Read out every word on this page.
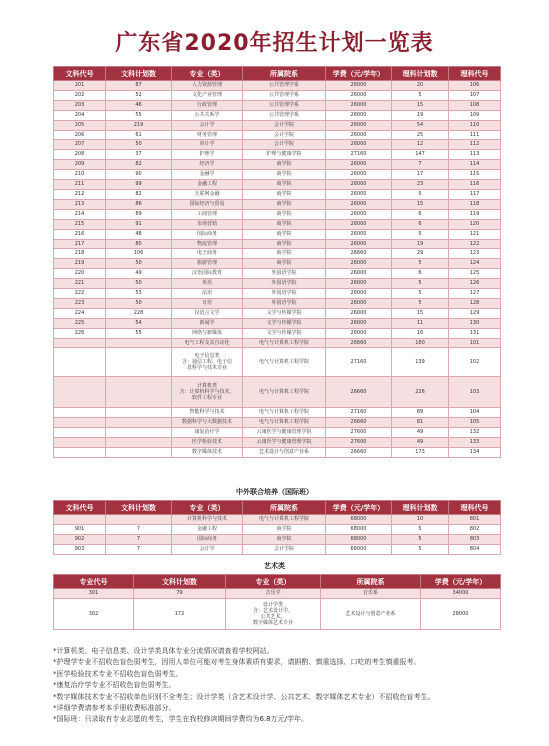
广东省2020年招生计划一览表
文科代号	文科计划数	专业（类）	所属院系	学费（元/学年）	理科计划数	理科代号
201	87	人力资源管理	公共管理学系	26000	20	106
202	52	文化产业管理	公共管理学系	26000	5	107
203	46	行政管理	公共管理学系	26000	15	108
204	55	公共关系学	公共管理学系	26000	19	109
205	219	会计学	会计学院	26000	54	110
206	61	财务管理	会计学院	26000	25	111
207	50	审计学	会计学院	26000	12	112
208	37	护理学	护理与健康学院	27160	147	113
209	82	经济学	商学院	26000	7	114
210	90	金融学	商学院	26000	17	115
211	99	金融工程	商学院	26000	23	116
212	82	互联网金融	商学院	26000	5	117
213	86	国际经济与贸易	商学院	26000	15	118
214	89	工商管理	商学院	26000	6	119
215	91	市场营销	商学院	26000	6	120
216	48	国际商务	商学院	26000	5	121
217	80	物流管理	商学院	26000	19	122
218	106	电子商务	商学院	26660	29	123
219	50	旅游管理	商学院	26000	5	124
220	49	汉语国际教育	外国语学院	26000	6	125
221	50	英语	外国语学院	26000	5	126
222	53	法语	外国语学院	26000	5	127
223	50	日语	外国语学院	26000	5	128
224	228	汉语言文学	文学与传媒学院	26000	15	129
225	54	新闻学	文学与传媒学院	26000	11	130
226	55	网络与新媒体	文学与传媒学院	26000	16	131
		电气工程及其自动化	电气与计算机工程学院	26660	180	101
		电子信息类
含：通信工程、电子信
息科学与技术专业	电气与计算机工程学院	27160	139	102
		计算机类
含：计算机科学与技术、
软件工程专业	电气与计算机工程学院	26660	226	103
		智能科学与技术	电气与计算机工程学院	27160	89	104
		数据科学与大数据技术	电气与计算机工程学院	26660	81	105
		康复治疗学	云康医学与健康管理学院	27600	49	132
		医学检验技术	云康医学与健康管理学院	27600	49	133
		数字媒体技术	艺术设计与创意产业系	26660	173	134
中外联合培养（国际班）
文科代号	文科计划数	专业（类）	所属院系	学费（元/学年）	理科计划数	理科代号
		计算机科学与技术	电气与计算机工程学院	68000	10	801
901	7	金融工程	商学院	68000	5	802
902	7	国际商务	商学院	68000	5	803
903	7	会计学	会计学院	68000	5	804
艺术类
专业代号	文科计划数	专业（类）	所属院系	学费（元/学年）
301	79	音乐学	音乐系	34000
302	172	设计学类
含：艺术设计学、
公共艺术、
数字媒体艺术专业	艺术设计与创意产业系	28000
*计算机类、电子信息类、设计学类具体专业分流情况请查看学校网站。
*护理学专业不招收色盲色弱考生，因用人单位可能对考生身体素质有要求，请斟酌、慎重选择、口吃的考生慎重报考。
*医学检验技术专业不招收色盲色弱考生。
*康复治疗学专业不招收色盲色弱考生。
*数字媒体技术专业不招收单色识别不全考生；设计学类（含艺术设计学、公共艺术、数字媒体艺术专业）不招收色盲考生。
*详细学费请参考本手册收费标准部分。
*国际班：只录取有专业志愿的考生，学生在我校修读期间学费均为6.8万元/学年。
